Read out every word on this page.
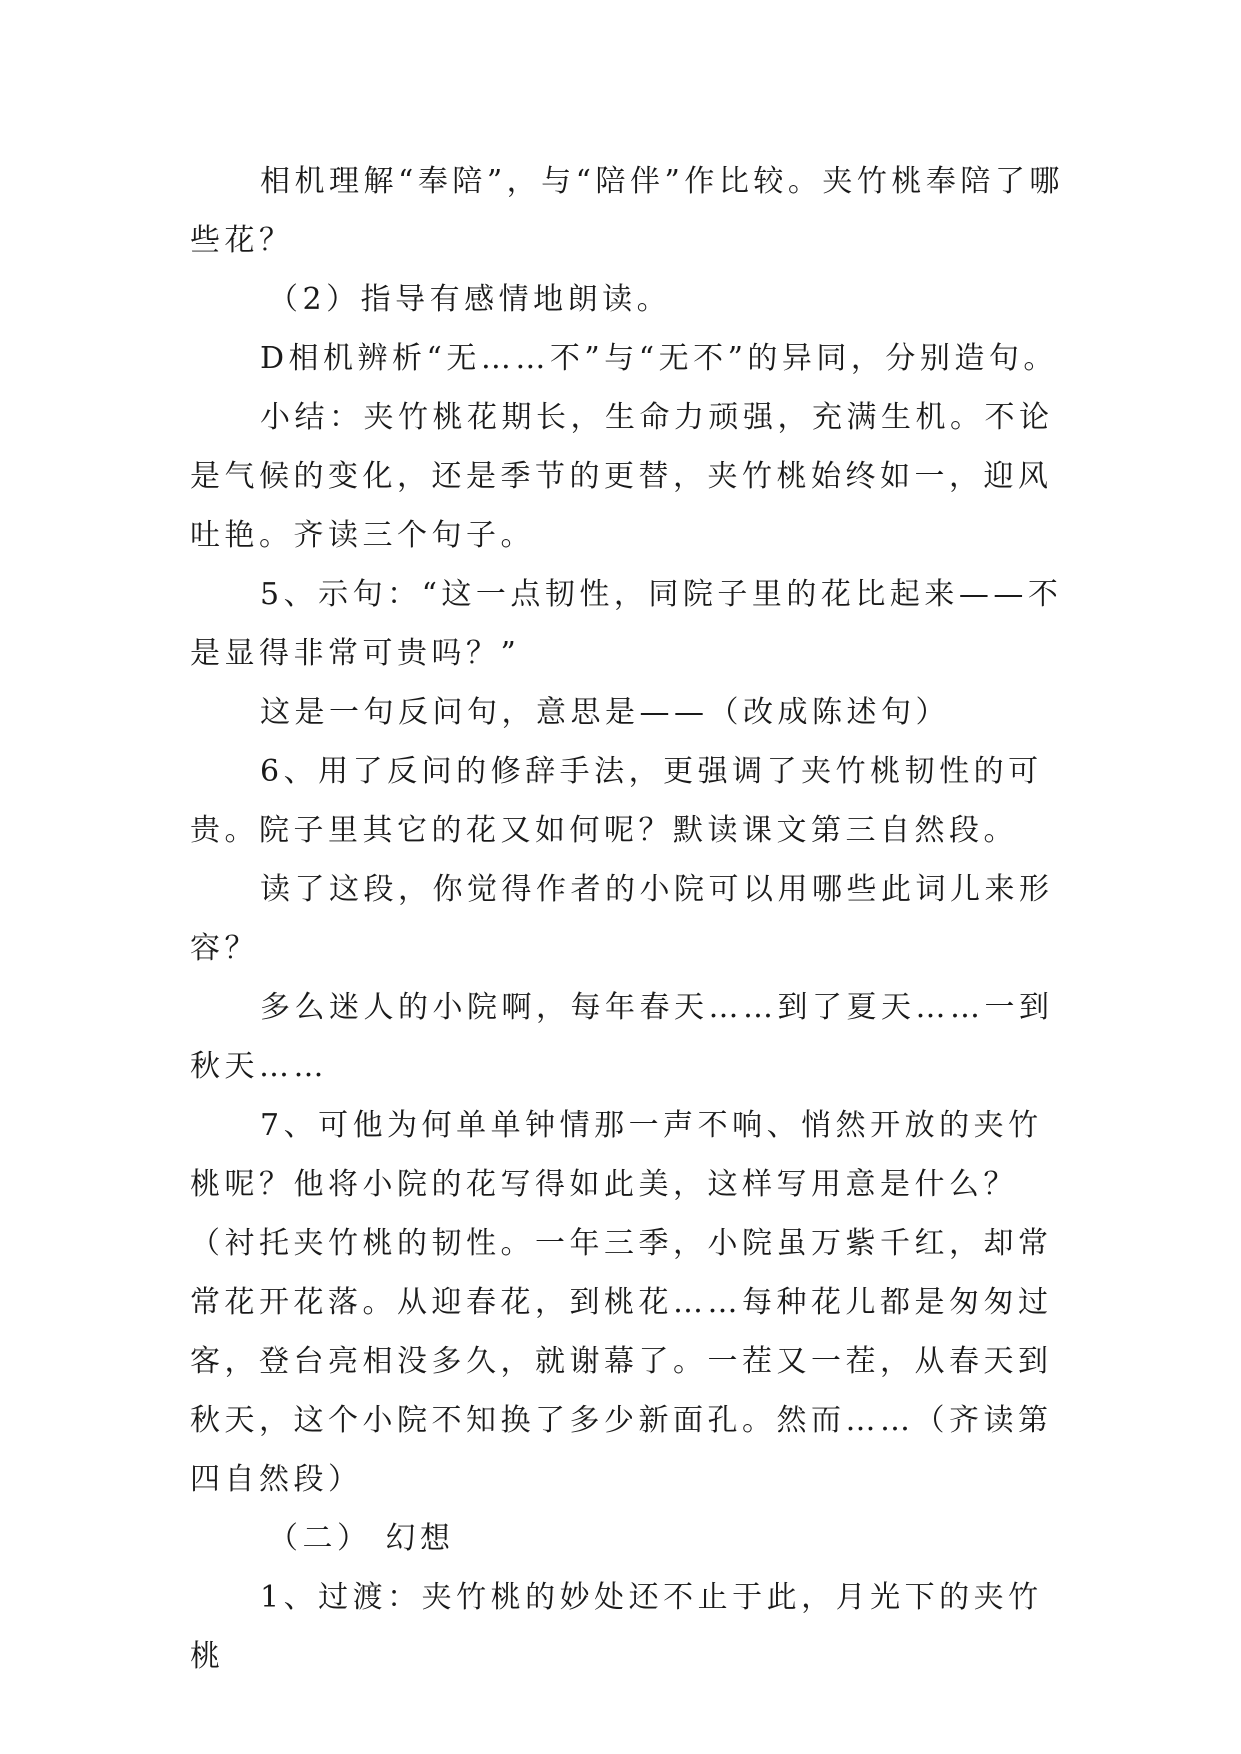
相机理解“奉陪”，与“陪伴”作比较。夹竹桃奉陪了哪些花？

（2）指导有感情地朗读。

D相机辨析“无……不”与“无不”的异同，分别造句。

小结：夹竹桃花期长，生命力顽强，充满生机。不论是气候的变化，还是季节的更替，夹竹桃始终如一，迎风吐艳。齐读三个句子。

5、示句：“这一点韧性，同院子里的花比起来——不是显得非常可贵吗？”

这是一句反问句，意思是——（改成陈述句）

6、用了反问的修辞手法，更强调了夹竹桃韧性的可贵。院子里其它的花又如何呢？默读课文第三自然段。

读了这段，你觉得作者的小院可以用哪些此词儿来形容？

多么迷人的小院啊，每年春天……到了夏天……一到秋天……

7、可他为何单单钟情那一声不响、悄然开放的夹竹桃呢？他将小院的花写得如此美，这样写用意是什么？（衬托夹竹桃的韧性。一年三季，小院虽万紫千红，却常常花开花落。从迎春花，到桃花……每种花儿都是匆匆过客，登台亮相没多久，就谢幕了。一茬又一茬，从春天到秋天，这个小院不知换了多少新面孔。然而……（齐读第四自然段）

（二） 幻想

1、过渡：夹竹桃的妙处还不止于此，月光下的夹竹桃
